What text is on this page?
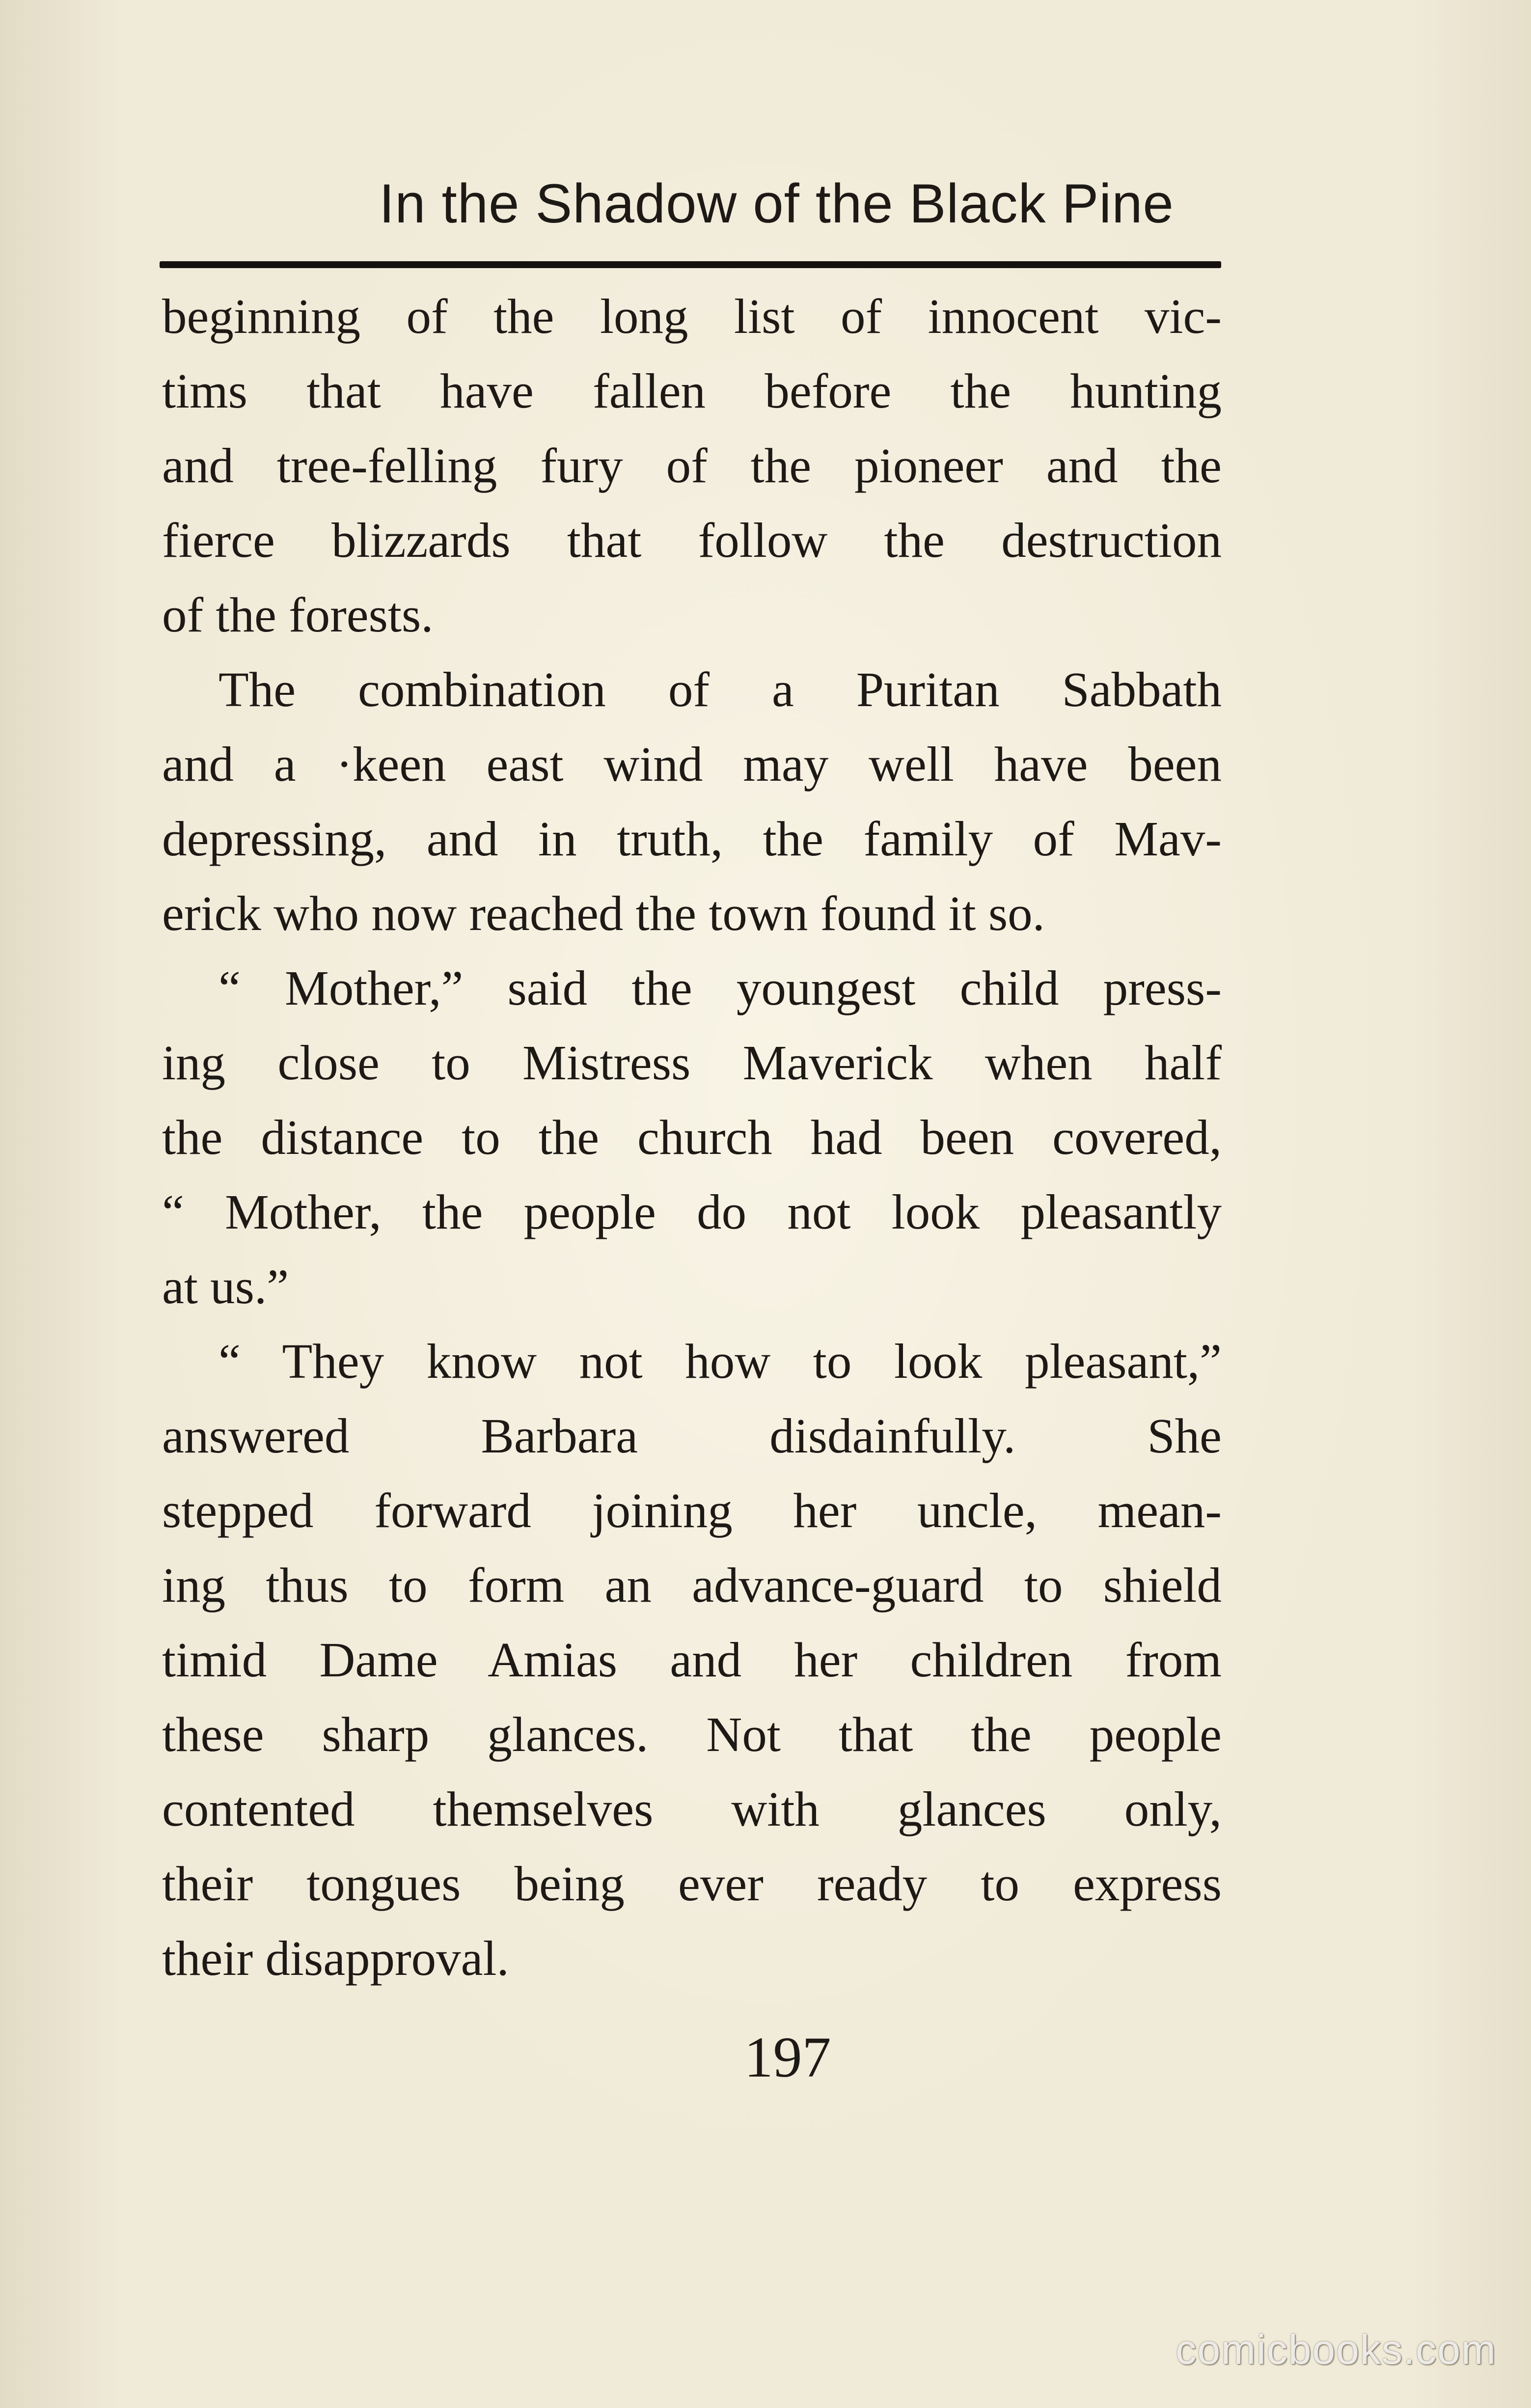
In the Shadow of the Black Pine
beginning of the long list of innocent vic-
tims that have fallen before the hunting
and tree-felling fury of the pioneer and the
fierce blizzards that follow the destruction
of the forests.
The combination of a Puritan Sabbath
and a ·keen east wind may well have been
depressing, and in truth, the family of Mav-
erick who now reached the town found it so.
“ Mother,” said the youngest child press-
ing close to Mistress Maverick when half
the distance to the church had been covered,
“ Mother, the people do not look pleasantly
at us.”
“ They know not how to look pleasant,”
answered Barbara disdainfully. She
stepped forward joining her uncle, mean-
ing thus to form an advance-guard to shield
timid Dame Amias and her children from
these sharp glances. Not that the people
contented themselves with glances only,
their tongues being ever ready to express
their disapproval.
197
comicbooks.com
